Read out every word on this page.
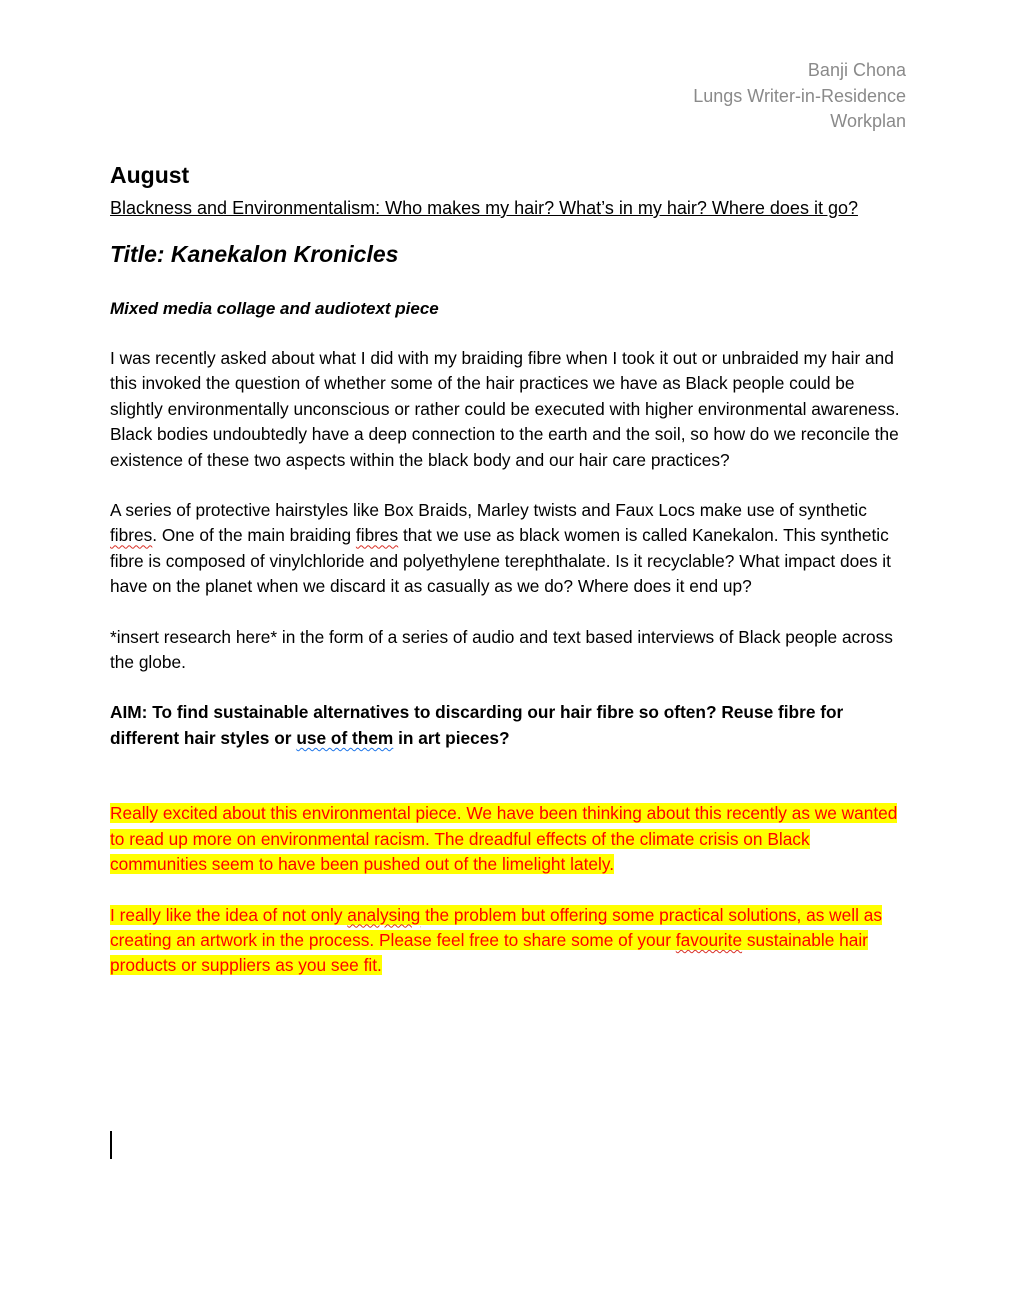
Banji Chona
Lungs Writer-in-Residence
Workplan

August

Blackness and Environmentalism: Who makes my hair? What’s in my hair? Where does it go?

Title: Kanekalon Kronicles

Mixed media collage and audiotext piece

I was recently asked about what I did with my braiding fibre when I took it out or unbraided my hair and this invoked the question of whether some of the hair practices we have as Black people could be slightly environmentally unconscious or rather could be executed with higher environmental awareness. Black bodies undoubtedly have a deep connection to the earth and the soil, so how do we reconcile the existence of these two aspects within the black body and our hair care practices?

A series of protective hairstyles like Box Braids, Marley twists and Faux Locs make use of synthetic fibres. One of the main braiding fibres that we use as black women is called Kanekalon. This synthetic fibre is composed of vinylchloride and polyethylene terephthalate. Is it recyclable? What impact does it have on the planet when we discard it as casually as we do? Where does it end up?

*insert research here* in the form of a series of audio and text based interviews of Black people across the globe.

AIM: To find sustainable alternatives to discarding our hair fibre so often? Reuse fibre for different hair styles or use of them in art pieces?

Really excited about this environmental piece. We have been thinking about this recently as we wanted to read up more on environmental racism. The dreadful effects of the climate crisis on Black communities seem to have been pushed out of the limelight lately.

I really like the idea of not only analysing the problem but offering some practical solutions, as well as creating an artwork in the process. Please feel free to share some of your favourite sustainable hair products or suppliers as you see fit.
